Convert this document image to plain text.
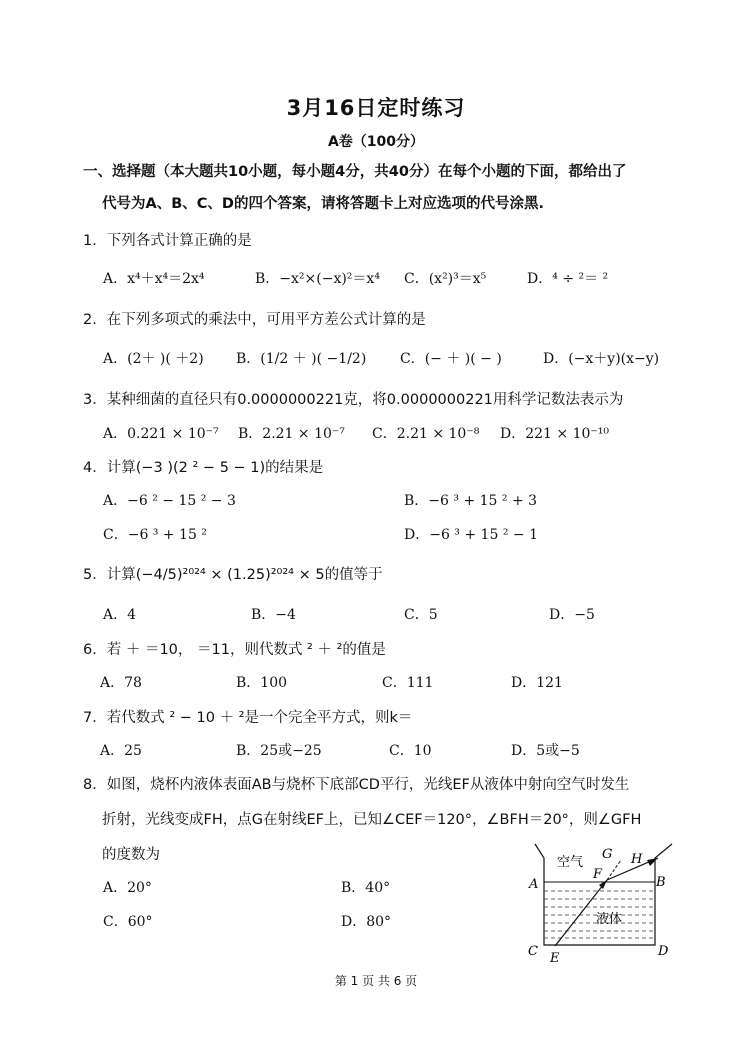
3月16日定时练习
A卷（100分）
一、选择题（本大题共10小题，每小题4分，共40分）在每个小题的下面，都给出了
代号为A、B、C、D的四个答案，请将答题卡上对应选项的代号涂黑.
1．下列各式计算正确的是
A．x⁴＋x⁴＝2x⁴	B．−x²×(−x)²＝x⁴ C．(x²)³＝x⁵	D．⁴ ÷ ²＝ ²
2．在下列多项式的乘法中，可用平方差公式计算的是
A．(2＋ )( ＋2) B．(1/2 ＋ )( −1/2) C．(− ＋ )( − )	D．(−x＋y)(x−y)
3．某种细菌的直径只有0.0000000221克，将0.0000000221用科学记数法表示为
A．0.221 × 10⁻⁷ B．2.21 × 10⁻⁷ C．2.21 × 10⁻⁸ D．221 × 10⁻¹⁰
4．计算(−3 )(2 ² − 5 − 1)的结果是
A．−6 ² − 15 ² − 3	B．−6 ³ + 15 ² + 3
C．−6 ³ + 15 ²	D．−6 ³ + 15 ² − 1
5．计算(−4/5)²⁰²⁴ × (1.25)²⁰²⁴ × 5的值等于
A．4	B．−4	C．5	D．−5
6．若 ＋ ＝10， ＝11，则代数式 ² ＋ ²的值是
A．78	B．100	C．111	D．121
7．若代数式 ² − 10 ＋ ²是一个完全平方式，则k＝
A．25	B．25或−25	C．10	D．5或−5
8．如图，烧杯内液体表面AB与烧杯下底部CD平行，光线EF从液体中射向空气时发生
折射，光线变成FH，点G在射线EF上，已知∠CEF＝120°，∠BFH＝20°，则∠GFH
的度数为
A．20°	B．40°
C．60°	D．80°
空气
液体
A	B
C	D
E
F
G H
第 1 页 共 6 页
